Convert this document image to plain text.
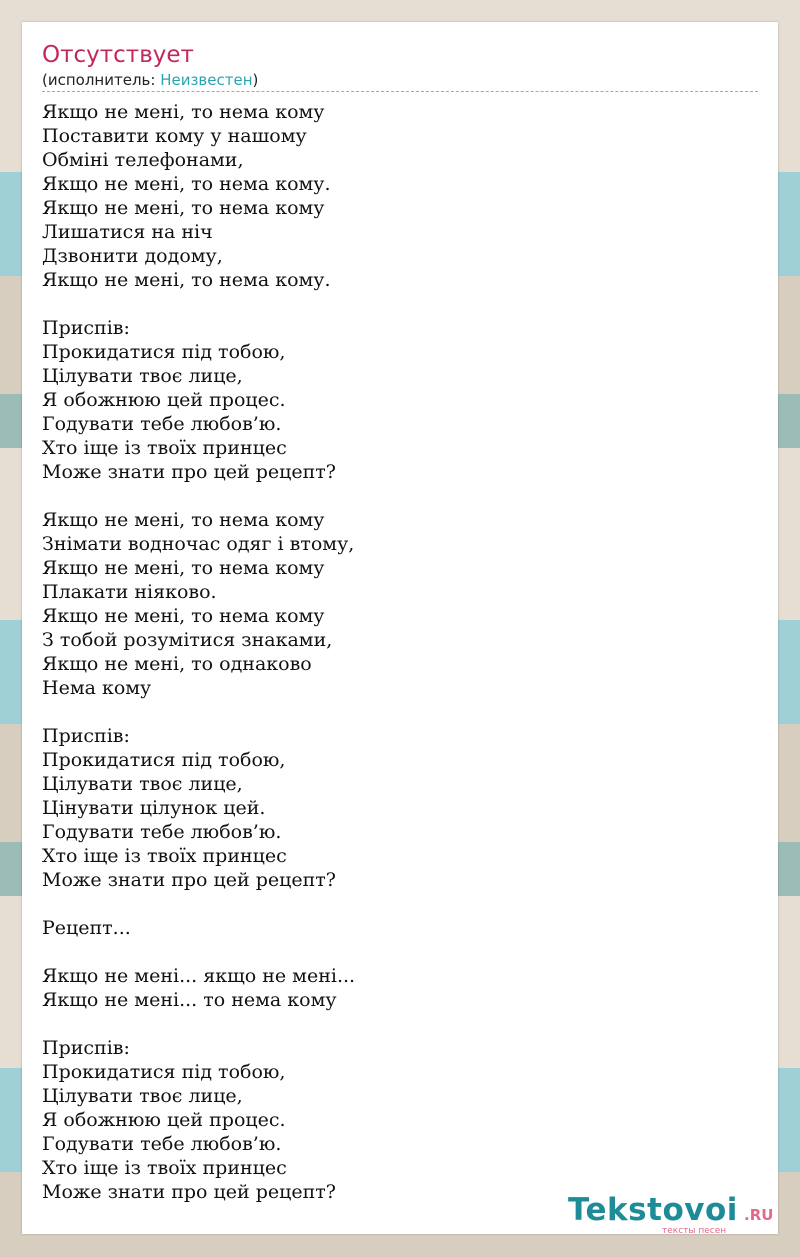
Отсутствует
(исполнитель: Неизвестен)
Якщо не мені, то нема кому
Поставити кому у нашому
Обміні телефонами,
Якщо не мені, то нема кому.
Якщо не мені, то нема кому
Лишатися на ніч
Дзвонити додому,
Якщо не мені, то нема кому.
Приспів:
Прокидатися під тобою,
Цілувати твоє лице,
Я обожнюю цей процес.
Годувати тебе любов’ю.
Хто іще із твоїх принцес
Може знати про цей рецепт?
Якщо не мені, то нема кому
Знімати водночас одяг і втому,
Якщо не мені, то нема кому
Плакати ніяково.
Якщо не мені, то нема кому
З тобой розумітися знаками,
Якщо не мені, то однаково
Нема кому
Приспів:
Прокидатися під тобою,
Цілувати твоє лице,
Цінувати цілунок цей.
Годувати тебе любов’ю.
Хто іще із твоїх принцес
Може знати про цей рецепт?
Рецепт...
Якщо не мені... якщо не мені...
Якщо не мені... то нема кому
Приспів:
Прокидатися під тобою,
Цілувати твоє лице,
Я обожнюю цей процес.
Годувати тебе любов’ю.
Хто іще із твоїх принцес
Може знати про цей рецепт?	Tekstovoi .RU
тексты песен
